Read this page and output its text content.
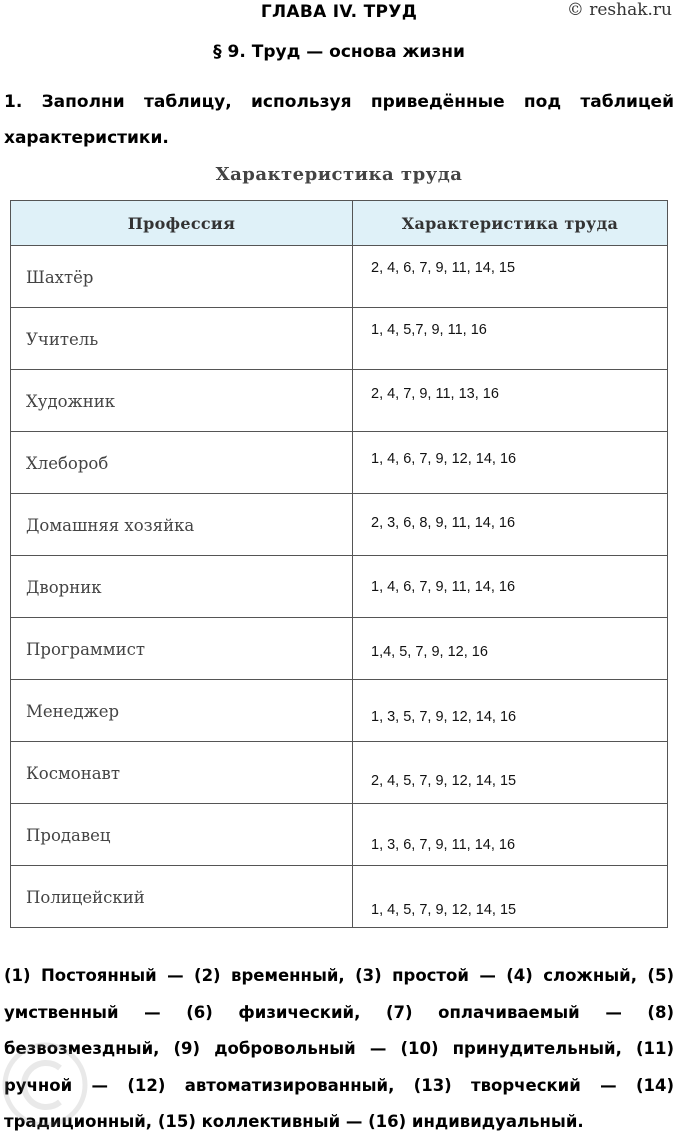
ГЛАВА IV. ТРУД	© reshak.ru
§ 9. Труд — основа жизни
1. Заполни таблицу, используя приведённые под таблицей характеристики.
Характеристика труда
Профессия	Характеристика труда

Шахтёр	2, 4, 6, 7, 9, 11, 14, 15

Учитель	1, 4, 5,7, 9, 11, 16

Художник	2, 4, 7, 9, 11, 13, 16

Хлебороб	1, 4, 6, 7, 9, 12, 14, 16

Домашняя хозяйка	2, 3, 6, 8, 9, 11, 14, 16

Дворник	1, 4, 6, 7, 9, 11, 14, 16

Программист	1,4, 5, 7, 9, 12, 16

Менеджер	1, 3, 5, 7, 9, 12, 14, 16

Космонавт	2, 4, 5, 7, 9, 12, 14, 15

Продавец	1, 3, 6, 7, 9, 11, 14, 16

Полицейский	1, 4, 5, 7, 9, 12, 14, 15
(1) Постоянный — (2) временный, (3) простой — (4) сложный, (5) умственный — (6) физический, (7) оплачиваемый — (8) безвозмездный, (9) добровольный — (10) принудительный, (11) ручной — (12) автоматизированный, (13) творческий — (14) традиционный, (15) коллективный — (16) индивидуальный.
